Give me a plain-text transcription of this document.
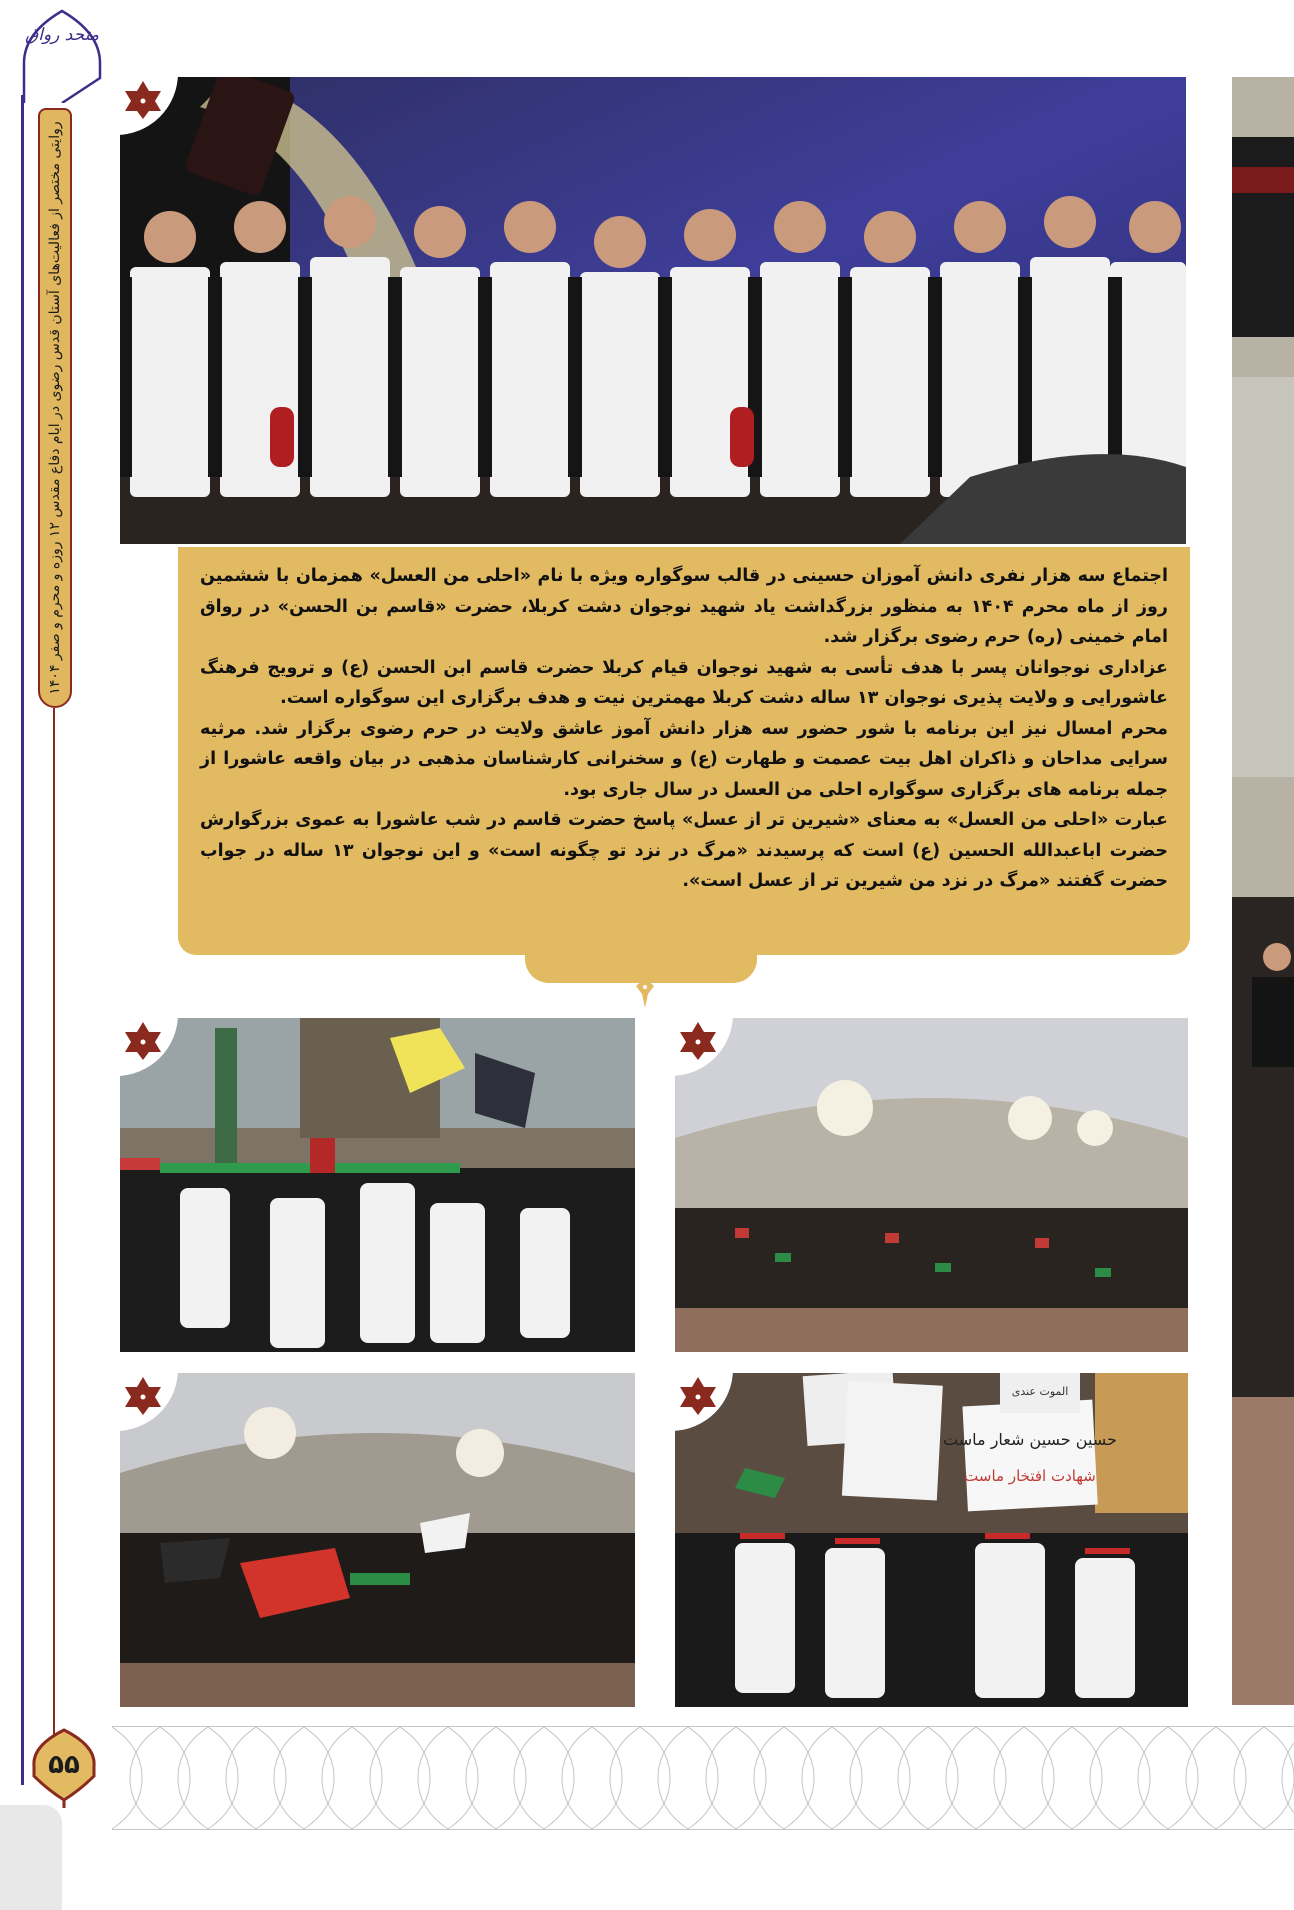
متحد رواق
روایتی مختصر از فعالیت‌های آستان قدس رضوی در ایام دفاع مقدس ۱۲ روزه و محرم و صفر ۱۴۰۴
۵۵

اجتماع سه هزار نفری دانش آموزان حسینی در قالب سوگواره ویژه با نام «احلی من العسل» همزمان با ششمین روز از ماه محرم ۱۴۰۴ به منظور بزرگداشت یاد شهید نوجوان دشت کربلا، حضرت «قاسم بن الحسن» در رواق امام خمینی (ره) حرم رضوی برگزار شد.

عزاداری نوجوانان پسر با هدف تأسی به شهید نوجوان قیام کربلا حضرت قاسم ابن الحسن (ع) و ترویج فرهنگ عاشورایی و ولایت پذیری نوجوان ۱۳ ساله دشت کربلا مهمترین نیت و هدف برگزاری این سوگواره است.

محرم امسال نیز این برنامه با شور حضور سه هزار دانش آموز عاشق ولایت در حرم رضوی برگزار شد. مرثیه سرایی مداحان و ذاکران اهل بیت عصمت و طهارت (ع) و سخنرانی کارشناسان مذهبی در بیان واقعه عاشورا از جمله برنامه های برگزاری سوگواره احلی من العسل در سال جاری بود.

عبارت «احلی من العسل» به معنای «شیرین تر از عسل» پاسخ حضرت قاسم در شب عاشورا به عموی بزرگوارش حضرت اباعبدالله الحسین (ع) است که پرسیدند «مرگ در نزد تو چگونه است» و این نوجوان ۱۳ ساله در جواب حضرت گفتند «مرگ در نزد من شیرین تر از عسل است».

حسین حسین شعار ماست
شهادت افتخار ماست
الموت عندی
